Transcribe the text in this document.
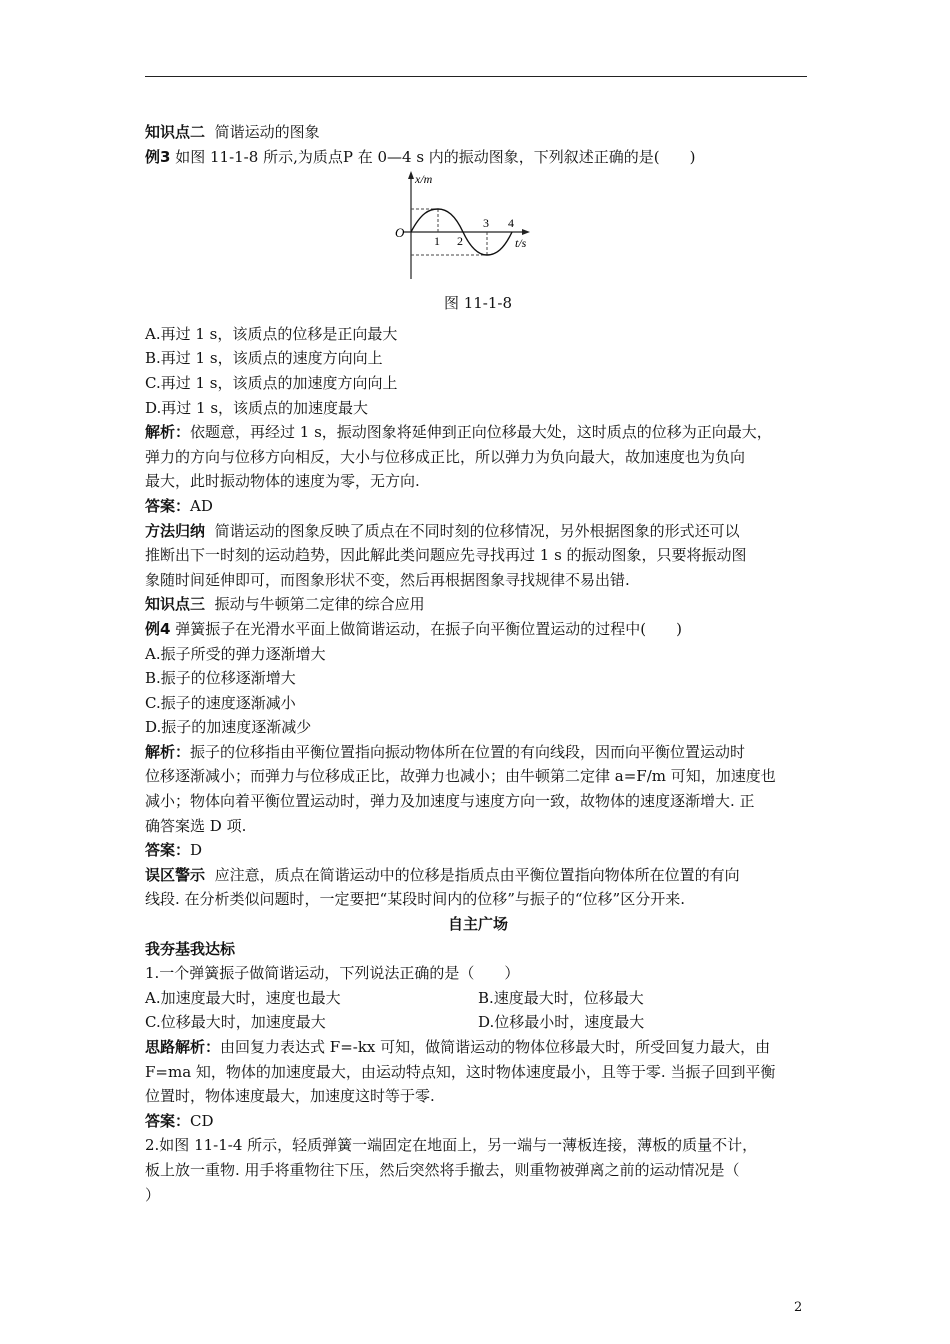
知识点二 简谐运动的图象
例3 如图 11-1-8 所示,为质点P 在 0—4 s 内的振动图象，下列叙述正确的是(　　)
x/m
t/s
O
1 2
3 4
图 11-1-8
A.再过 1 s，该质点的位移是正向最大
B.再过 1 s，该质点的速度方向向上
C.再过 1 s，该质点的加速度方向向上
D.再过 1 s，该质点的加速度最大
解析：依题意，再经过 1 s，振动图象将延伸到正向位移最大处，这时质点的位移为正向最大，
弹力的方向与位移方向相反，大小与位移成正比，所以弹力为负向最大，故加速度也为负向
最大，此时振动物体的速度为零，无方向.
答案：AD
方法归纳 简谐运动的图象反映了质点在不同时刻的位移情况，另外根据图象的形式还可以
推断出下一时刻的运动趋势，因此解此类问题应先寻找再过 1 s 的振动图象，只要将振动图
象随时间延伸即可，而图象形状不变，然后再根据图象寻找规律不易出错.
知识点三 振动与牛顿第二定律的综合应用
例4 弹簧振子在光滑水平面上做简谐运动，在振子向平衡位置运动的过程中(　　)
A.振子所受的弹力逐渐增大
B.振子的位移逐渐增大
C.振子的速度逐渐减小
D.振子的加速度逐渐减少
解析：振子的位移指由平衡位置指向振动物体所在位置的有向线段，因而向平衡位置运动时
位移逐渐减小；而弹力与位移成正比，故弹力也减小；由牛顿第二定律 a=F/m 可知，加速度也
减小；物体向着平衡位置运动时，弹力及加速度与速度方向一致，故物体的速度逐渐增大. 正
确答案选 D 项.
答案：D
误区警示 应注意，质点在简谐运动中的位移是指质点由平衡位置指向物体所在位置的有向
线段. 在分析类似问题时，一定要把“某段时间内的位移”与振子的“位移”区分开来.
自主广场
我夯基我达标
1.一个弹簧振子做简谐运动，下列说法正确的是（　　）
A.加速度最大时，速度也最大	B.速度最大时，位移最大
C.位移最大时，加速度最大	D.位移最小时，速度最大
思路解析：由回复力表达式 F=-kx 可知，做简谐运动的物体位移最大时，所受回复力最大，由
F=ma 知，物体的加速度最大，由运动特点知，这时物体速度最小，且等于零. 当振子回到平衡
位置时，物体速度最大，加速度这时等于零.
答案：CD
2.如图 11-1-4 所示，轻质弹簧一端固定在地面上，另一端与一薄板连接，薄板的质量不计，
板上放一重物. 用手将重物往下压，然后突然将手撤去，则重物被弹离之前的运动情况是（
）
2
